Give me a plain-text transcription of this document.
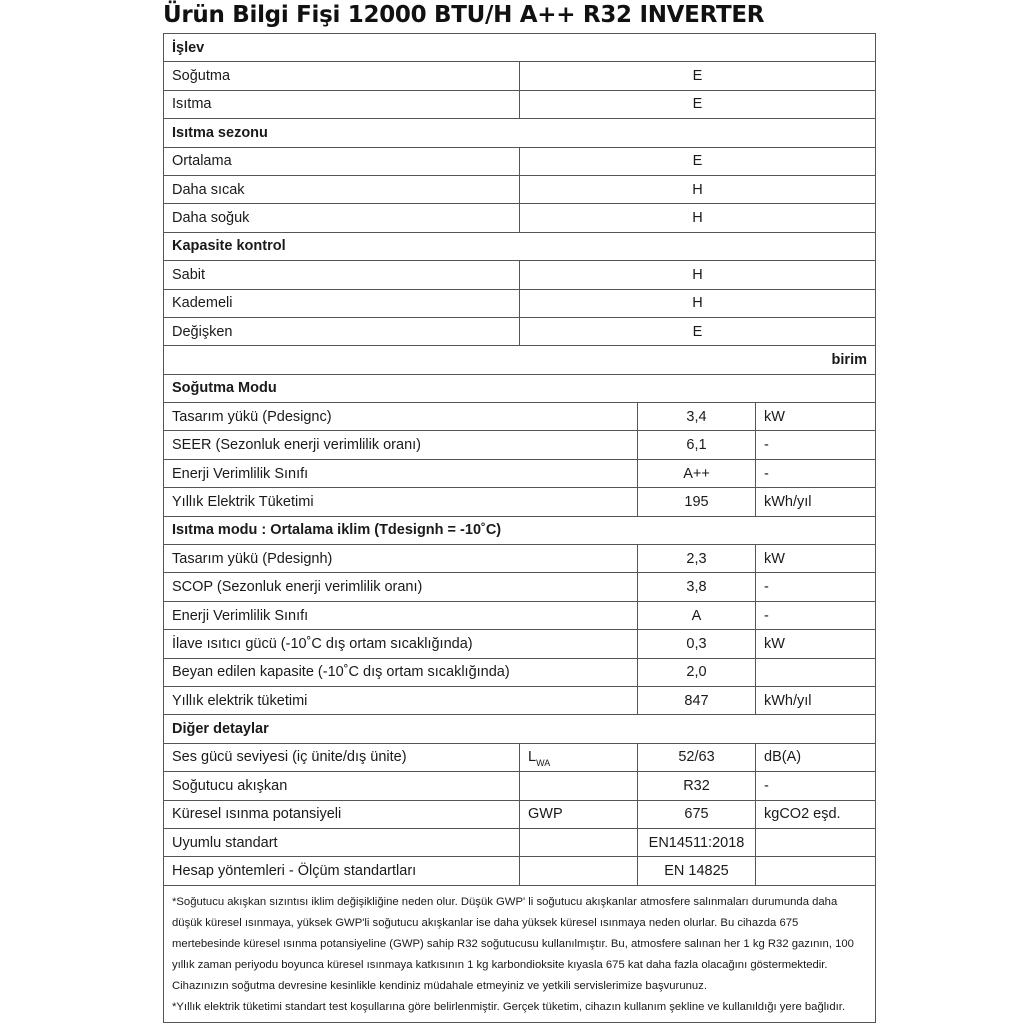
Ürün Bilgi Fişi 12000 BTU/H A++ R32 INVERTER
İşlev			
Soğutma	E		
Isıtma	E		
Isıtma sezonu			
Ortalama	E		
Daha sıcak	H		
Daha soğuk	H		
Kapasite kontrol			
Sabit	H		
Kademeli	H		
Değişken	E		
birim			
Soğutma Modu			
Tasarım yükü (Pdesignc)		3,4	kW
SEER (Sezonluk enerji verimlilik oranı)		6,1	-
Enerji Verimlilik Sınıfı		A++	-
Yıllık Elektrik Tüketimi		195	kWh/yıl
Isıtma modu : Ortalama iklim (Tdesignh = -10˚C)			
Tasarım yükü (Pdesignh)		2,3	kW
SCOP (Sezonluk enerji verimlilik oranı)		3,8	-
Enerji Verimlilik Sınıfı		A	-
İlave ısıtıcı gücü (-10˚C dış ortam sıcaklığında)		0,3	kW
Beyan edilen kapasite (-10˚C dış ortam sıcaklığında)		2,0	
Yıllık elektrik tüketimi		847	kWh/yıl
Diğer detaylar			
Ses gücü seviyesi (iç ünite/dış ünite)	$L_{WA}$	52/63	dB(A)
Soğutucu akışkan		R32	-
Küresel ısınma potansiyeli	GWP	675	kgCO2 eşd.
Uyumlu standart		EN14511:2018	
Hesap yöntemleri - Ölçüm standartları		EN 14825	

*Soğutucu akışkan sızıntısı iklim değişikliğine neden olur. Düşük GWP' li soğutucu akışkanlar atmosfere salınmaları durumunda daha düşük küresel ısınmaya, yüksek GWP'li soğutucu akışkanlar ise daha yüksek küresel ısınmaya neden olurlar. Bu cihazda 675 mertebesinde küresel ısınma potansiyeline (GWP) sahip R32 soğutucusu kullanılmıştır. Bu, atmosfere salınan her 1 kg R32 gazının, 100 yıllık zaman periyodu boyunca küresel ısınmaya katkısının 1 kg karbondioksite kıyasla 675 kat daha fazla olacağını göstermektedir. Cihazınızın soğutma devresine kesinlikle kendiniz müdahale etmeyiniz ve yetkili servislerimize başvurunuz.

*Yıllık elektrik tüketimi standart test koşullarına göre belirlenmiştir. Gerçek tüketim, cihazın kullanım şekline ve kullanıldığı yere bağlıdır.			
